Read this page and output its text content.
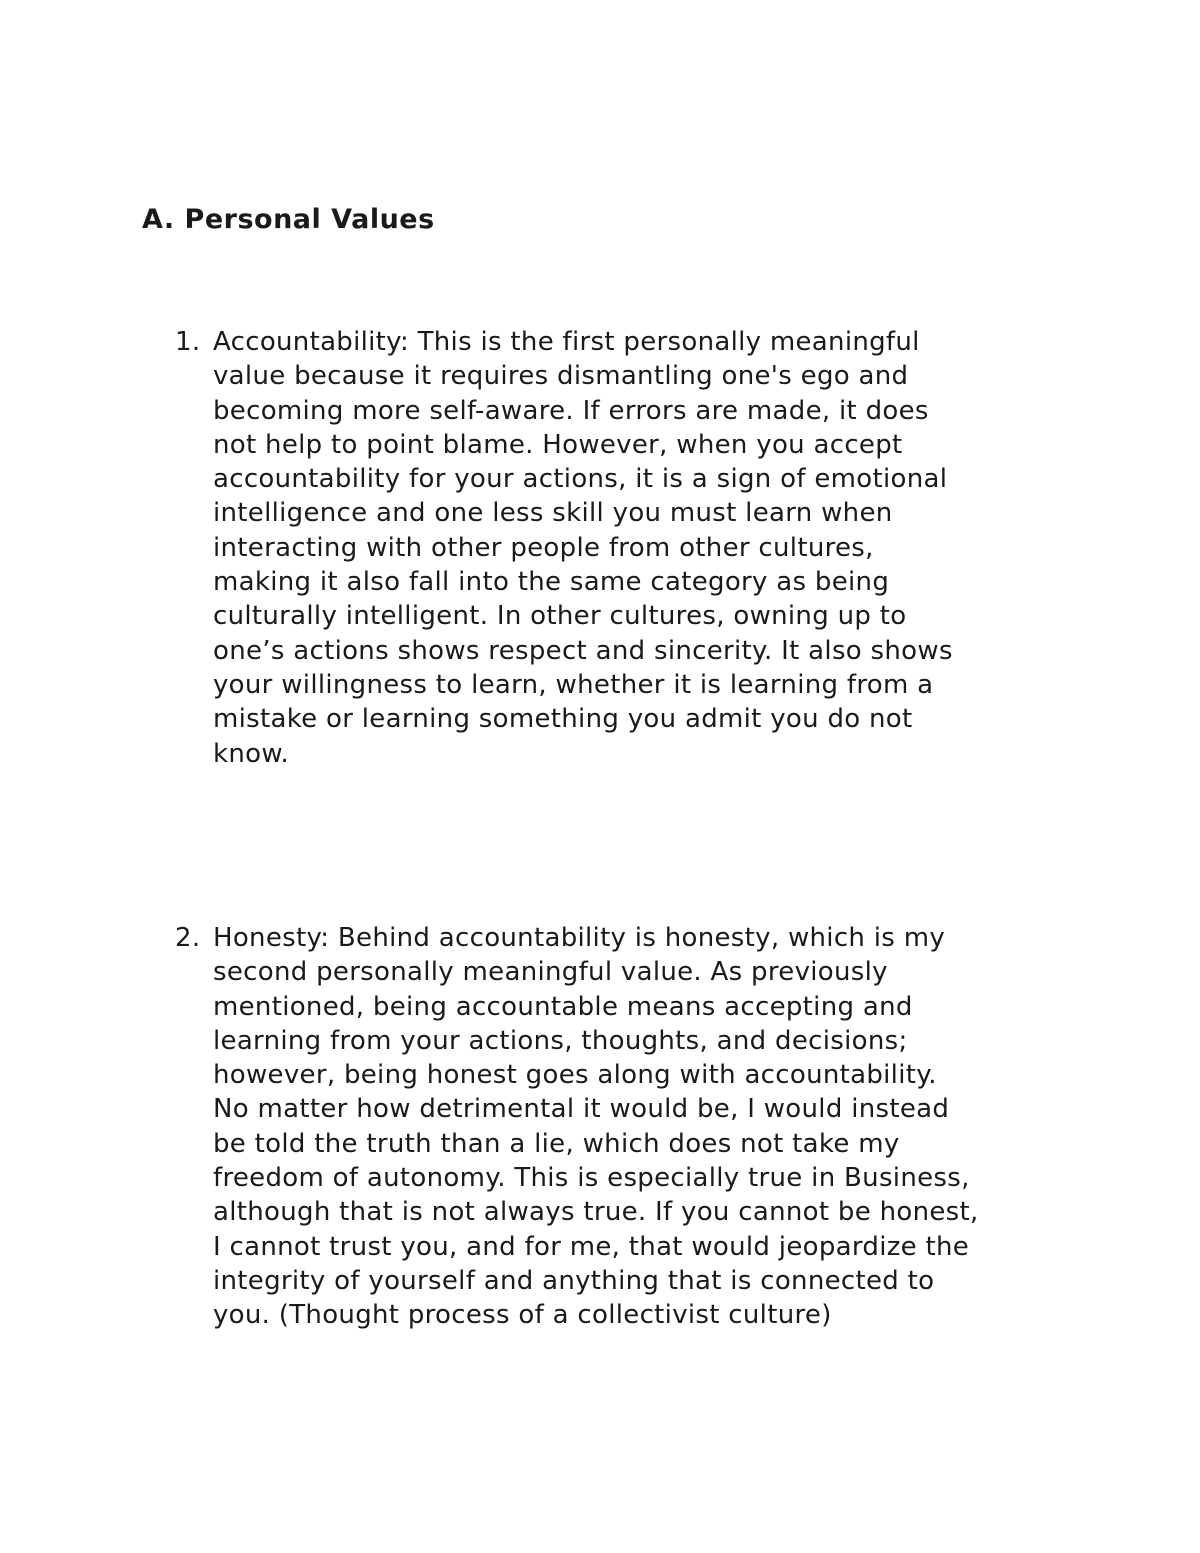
A. Personal Values
1. Accountability: This is the first personally meaningful
value because it requires dismantling one's ego and
becoming more self-aware. If errors are made, it does
not help to point blame. However, when you accept
accountability for your actions, it is a sign of emotional
intelligence and one less skill you must learn when
interacting with other people from other cultures,
making it also fall into the same category as being
culturally intelligent. In other cultures, owning up to
one’s actions shows respect and sincerity. It also shows
your willingness to learn, whether it is learning from a
mistake or learning something you admit you do not
know.
2. Honesty: Behind accountability is honesty, which is my
second personally meaningful value. As previously
mentioned, being accountable means accepting and
learning from your actions, thoughts, and decisions;
however, being honest goes along with accountability.
No matter how detrimental it would be, I would instead
be told the truth than a lie, which does not take my
freedom of autonomy. This is especially true in Business,
although that is not always true. If you cannot be honest,
I cannot trust you, and for me, that would jeopardize the
integrity of yourself and anything that is connected to
you. (Thought process of a collectivist culture)
